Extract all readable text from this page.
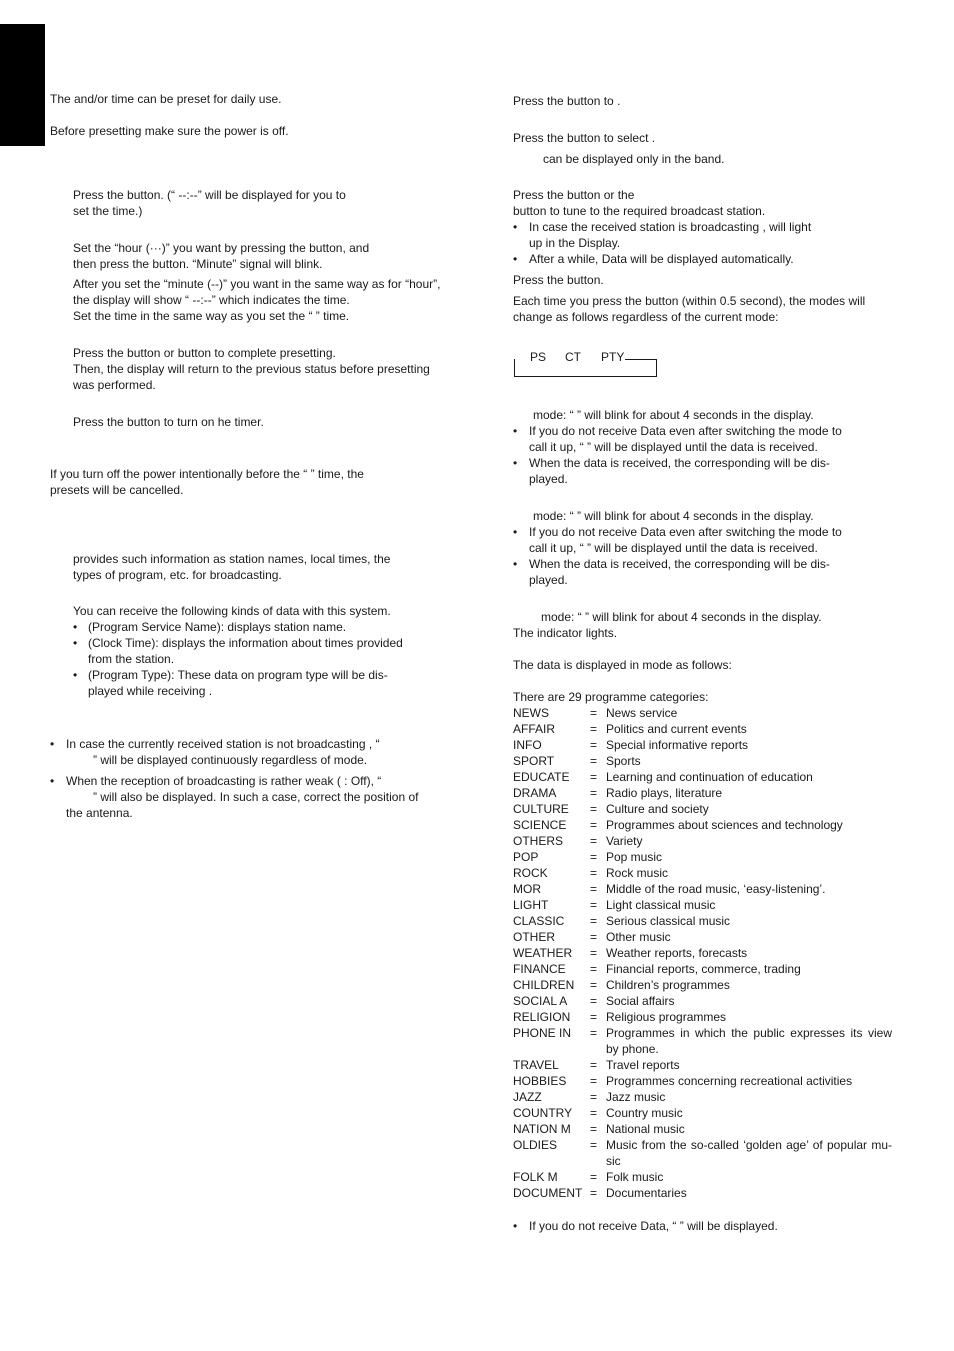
The and/or time can be preset for daily use.
Before presetting make sure the power is off.
Press the button. (“ --:--” will be displayed for you to
set the time.)
Set the “hour (···)” you want by pressing the button, and
then press the button. “Minute” signal will blink.
After you set the “minute (--)” you want in the same way as for “hour”,
the display will show “ --:--” which indicates the time.
Set the time in the same way as you set the “ ” time.
Press the button or button to complete presetting.
Then, the display will return to the previous status before presetting
was performed.
Press the button to turn on he timer.
If you turn off the power intentionally before the “ ” time, the
presets will be cancelled.
provides such information as station names, local times, the
types of program, etc. for broadcasting.
You can receive the following kinds of data with this system.
• (Program Service Name): displays station name.
• (Clock Time): displays the information about times provided
from the station.
• (Program Type): These data on program type will be dis-
played while receiving .
• In case the currently received station is not broadcasting , “
” will be displayed continuously regardless of mode.
• When the reception of broadcasting is rather weak ( : Off), “
” will also be displayed. In such a case, correct the position of
the antenna.
Press the button to .
Press the button to select .
can be displayed only in the band.
Press the button or the
button to tune to the required broadcast station.
• In case the received station is broadcasting , will light
up in the Display.
• After a while, Data will be displayed automatically.
Press the button.
Each time you press the button (within 0.5 second), the modes will
change as follows regardless of the current mode:
PS CT PTY
mode: “ ” will blink for about 4 seconds in the display.
• If you do not receive Data even after switching the mode to
call it up, “ ” will be displayed until the data is received.
• When the data is received, the corresponding will be dis-
played.
mode: “ ” will blink for about 4 seconds in the display.
• If you do not receive Data even after switching the mode to
call it up, “ ” will be displayed until the data is received.
• When the data is received, the corresponding will be dis-
played.
mode: “ ” will blink for about 4 seconds in the display.
The indicator lights.
The data is displayed in mode as follows:
There are 29 programme categories:
NEWS	= News service
AFFAIR	= Politics and current events
INFO	= Special informative reports
SPORT	= Sports
EDUCATE	= Learning and continuation of education
DRAMA	= Radio plays, literature
CULTURE	= Culture and society
SCIENCE	= Programmes about sciences and technology
OTHERS	= Variety
POP	= Pop music
ROCK	= Rock music
MOR	= Middle of the road music, ‘easy-listening’.
LIGHT	= Light classical music
CLASSIC	= Serious classical music
OTHER	= Other music
WEATHER	= Weather reports, forecasts
FINANCE	= Financial reports, commerce, trading
CHILDREN	= Children’s programmes
SOCIAL A	= Social affairs
RELIGION	= Religious programmes
PHONE IN	= Programmes in which the public expresses its view by phone.
TRAVEL	= Travel reports
HOBBIES	= Programmes concerning recreational activities
JAZZ	= Jazz music
COUNTRY	= Country music
NATION M	= National music
OLDIES	= Music from the so-called ‘golden age’ of popular mu- sic
FOLK M	= Folk music
DOCUMENT = Documentaries
• If you do not receive Data, “ ” will be displayed.
